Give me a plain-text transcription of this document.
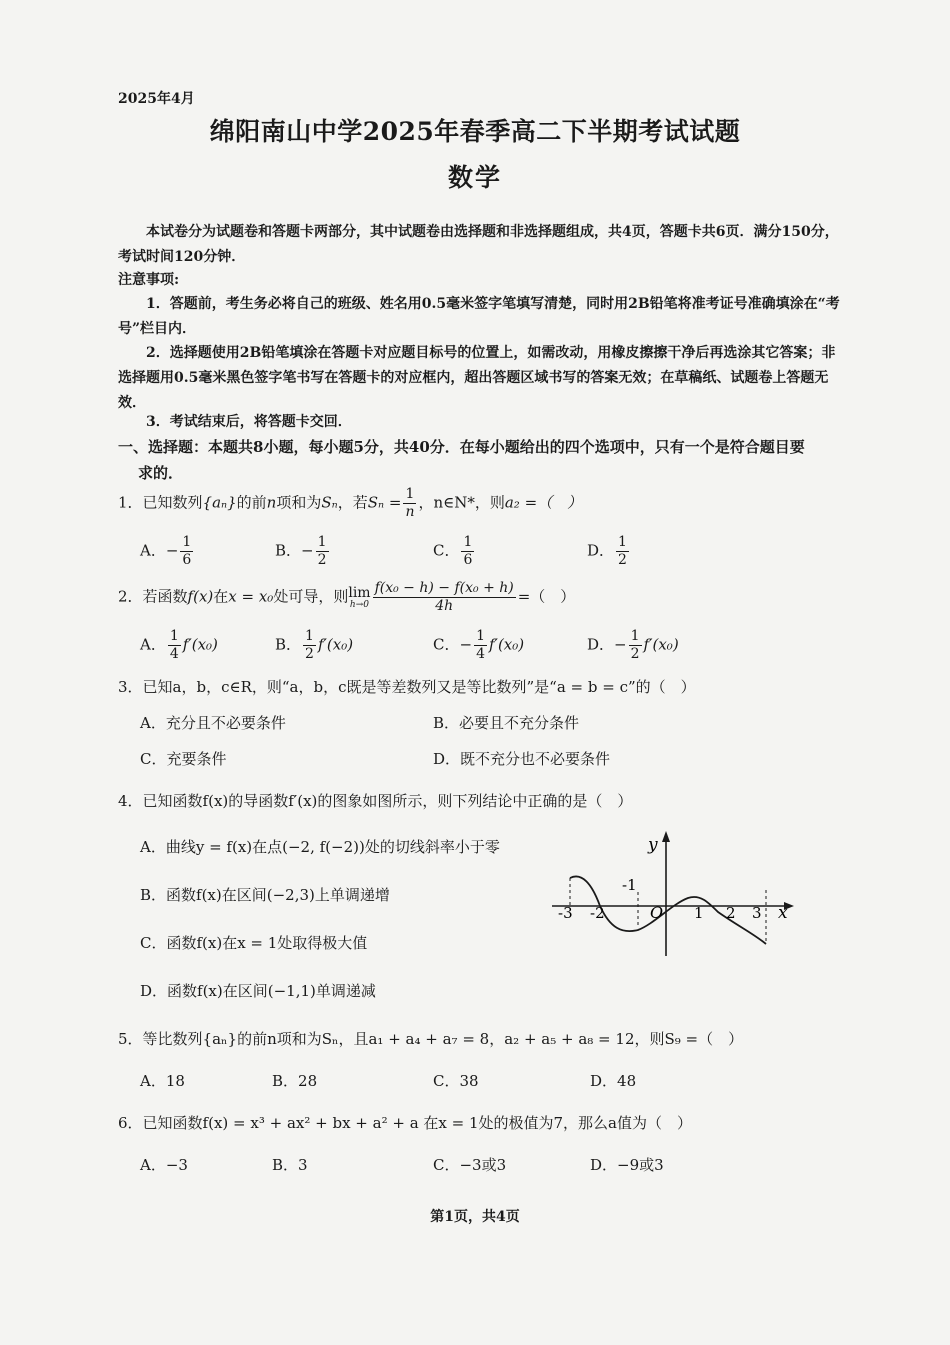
2025年4月
绵阳南山中学2025年春季高二下半期考试试题
数学
本试卷分为试题卷和答题卡两部分，其中试题卷由选择题和非选择题组成，共4页，答题卡共6页．满分150分，考试时间120分钟．
注意事项:
1．答题前，考生务必将自己的班级、姓名用0.5毫米签字笔填写清楚，同时用2B铅笔将准考证号准确填涂在“考号”栏目内．
2．选择题使用2B铅笔填涂在答题卡对应题目标号的位置上，如需改动，用橡皮擦擦干净后再选涂其它答案；非选择题用0.5毫米黑色签字笔书写在答题卡的对应框内，超出答题区域书写的答案无效；在草稿纸、试题卷上答题无效．
3．考试结束后，将答题卡交回．
一、选择题：本题共8小题，每小题5分，共40分．在每小题给出的四个选项中，只有一个是符合题目要
求的．
1．已知数列{aₙ}的前n项和为Sₙ，若$S_n = \frac{1}{n}$ ，n∈N*，则a₂ =（　）
A．− $\frac{1}{6}$	B．− $\frac{1}{2}$	C． $\frac{1}{6}$	D． $\frac{1}{2}$
2．若函数f(x)在x = x₀处可导，则lim
$h\to 0 \frac{\text{f(x₀ − h) − f(x₀ + h)}}{4h}$ =（　）
A． $\frac{1}{4} f'(x_0)$	B． $\frac{1}{2} f'(x_0)$	C．− $\frac{1}{4} f'(x_0)$	D．− $\frac{1}{2} f'(x_0)$
3．已知a，b，c∈R，则“a，b，c既是等差数列又是等比数列”是“a = b = c”的（　）
A．充分且不必要条件	B．必要且不充分条件
C．充要条件	D．既不充分也不必要条件
4．已知函数f(x)的导函数f′(x)的图象如图所示，则下列结论中正确的是（　）
A．曲线y = f(x)在点(−2, f(−2))处的切线斜率小于零
B．函数f(x)在区间(−2,3)上单调递增
C．函数f(x)在x = 1处取得极大值
D．函数f(x)在区间(−1,1)单调递减
y
x
O
-3 -2
-1
1 2 3
5．等比数列{aₙ}的前n项和为Sₙ，且a₁ + a₄ + a₇ = 8，a₂ + a₅ + a₈ = 12，则S₉ =（　）
A．18	B．28	C．38	D．48
6．已知函数f(x) = x³ + ax² + bx + a² + a 在x = 1处的极值为7，那么a值为（　）
A．−3	B．3	C．−3或3	D．−9或3
第1页，共4页
